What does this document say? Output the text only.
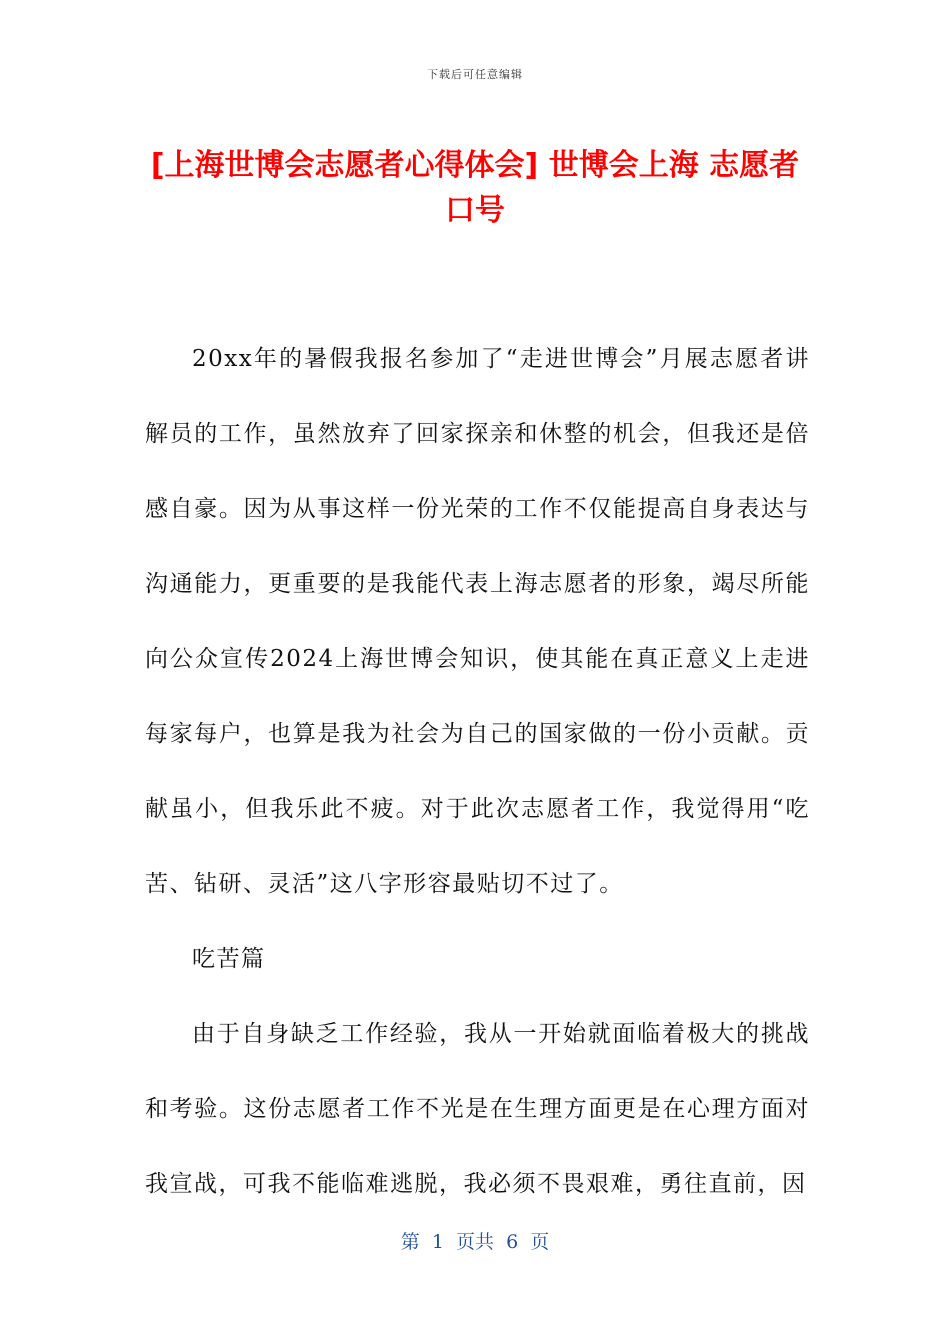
下载后可任意编辑
[上海世博会志愿者心得体会] 世博会上海 志愿者口号

20xx年的暑假我报名参加了“走进世博会”月展志愿者讲解员的工作，虽然放弃了回家探亲和休整的机会，但我还是倍感自豪。因为从事这样一份光荣的工作不仅能提高自身表达与沟通能力，更重要的是我能代表上海志愿者的形象，竭尽所能向公众宣传2024上海世博会知识，使其能在真正意义上走进每家每户，也算是我为社会为自己的国家做的一份小贡献。贡献虽小，但我乐此不疲。对于此次志愿者工作，我觉得用“吃苦、钻研、灵活”这八字形容最贴切不过了。

吃苦篇

由于自身缺乏工作经验，我从一开始就面临着极大的挑战和考验。这份志愿者工作不光是在生理方面更是在心理方面对我宣战，可我不能临难逃脱，我必须不畏艰难，勇往直前，因

第  1  页共  6  页
